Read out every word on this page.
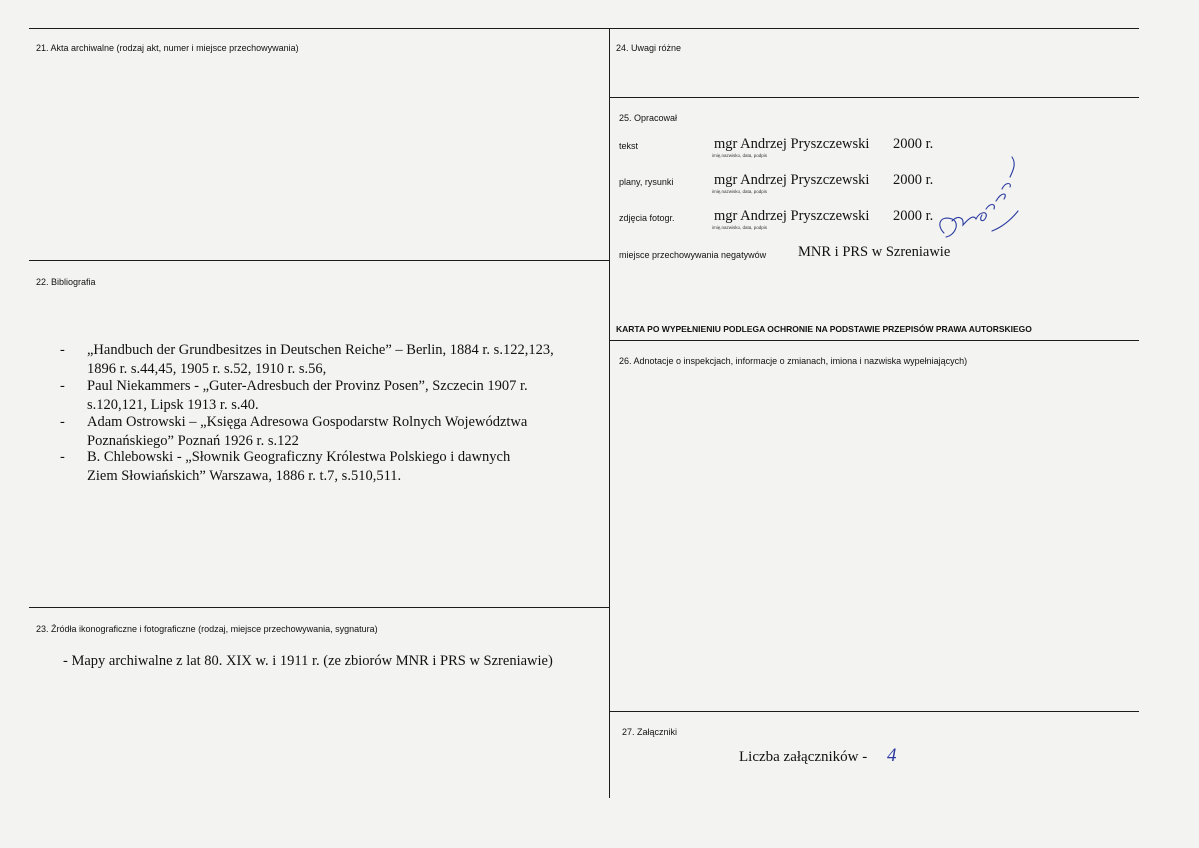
21. Akta archiwalne (rodzaj akt, numer i miejsce przechowywania)
22. Bibliografia
- „Handbuch der Grundbesitzes in Deutschen Reiche” – Berlin, 1884 r. s.122,123,
1896 r. s.44,45, 1905 r. s.52, 1910 r. s.56,
- Paul Niekammers - „Guter-Adresbuch der Provinz Posen”, Szczecin 1907 r.
s.120,121, Lipsk 1913 r. s.40.
- Adam Ostrowski – „Księga Adresowa Gospodarstw Rolnych Województwa
Poznańskiego” Poznań 1926 r. s.122
- B. Chlebowski - „Słownik Geograficzny Królestwa Polskiego i dawnych
Ziem Słowiańskich” Warszawa, 1886 r. t.7, s.510,511.
23. Źródła ikonograficzne i fotograficzne (rodzaj, miejsce przechowywania, sygnatura)
- Mapy archiwalne z lat 80. XIX w. i 1911 r. (ze zbiorów MNR i PRS w Szreniawie)
24. Uwagi różne
25. Opracował
tekst	mgr Andrzej Pryszczewski 2000 r.
imię,nazwisko, data, podpis
plany, rysunki	mgr Andrzej Pryszczewski 2000 r.
imię,nazwisko, data, podpis
zdjęcia fotogr.	mgr Andrzej Pryszczewski 2000 r.
imię,nazwisko, data, podpis
miejsce przechowywania negatywów MNR i PRS w Szreniawie
KARTA PO WYPEŁNIENIU PODLEGA OCHRONIE NA PODSTAWIE PRZEPISÓW PRAWA AUTORSKIEGO
26. Adnotacje o inspekcjach, informacje o zmianach, imiona i nazwiska wypełniających)
27. Załączniki
Liczba załączników - 4
